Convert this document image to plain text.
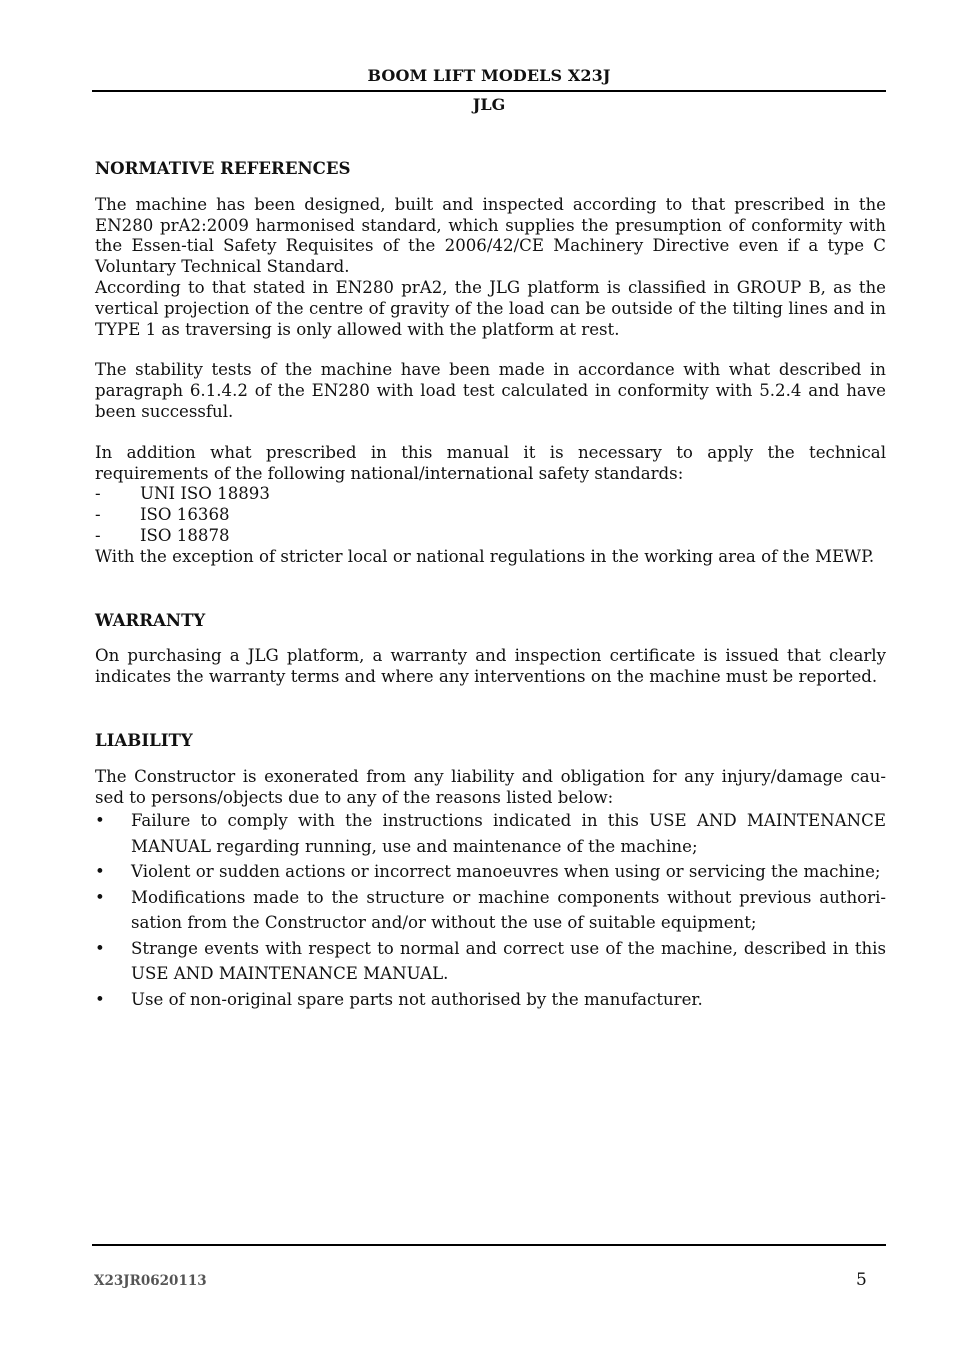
BOOM LIFT MODELS X23J
JLG
NORMATIVE REFERENCES

The machine has been designed, built and inspected according to that prescribed in the EN280 prA2:2009 harmonised standard, which supplies the presumption of conformity with the Essen-tial Safety Requisites of the 2006/42/CE Machinery Directive even if a type C Voluntary Technical Standard.

According to that stated in EN280 prA2, the JLG platform is classified in GROUP B, as the vertical projection of the centre of gravity of the load can be outside of the tilting lines and in TYPE 1 as traversing is only allowed with the platform at rest.

The stability tests of the machine have been made in accordance with what described in paragraph 6.1.4.2 of the EN280 with load test calculated in conformity with 5.2.4 and have been successful.

In addition what prescribed in this manual it is necessary to apply the technical requirements of the following national/international safety standards:

- UNI ISO 18893
- ISO 16368
- ISO 18878

With the exception of stricter local or national regulations in the working area of the MEWP.

WARRANTY

On purchasing a JLG platform, a warranty and inspection certificate is issued that clearly indicates the warranty terms and where any interventions on the machine must be reported.

LIABILITY

The Constructor is exonerated from any liability and obligation for any injury/damage cau-sed to persons/objects due to any of the reasons listed below:

• Failure to comply with the instructions indicated in this USE AND MAINTENANCE MANUAL regarding running, use and maintenance of the machine;
• Violent or sudden actions or incorrect manoeuvres when using or servicing the machine;
• Modifications made to the structure or machine components without previous authori-sation from the Constructor and/or without the use of suitable equipment;
• Strange events with respect to normal and correct use of the machine, described in this USE AND MAINTENANCE MANUAL.
• Use of non-original spare parts not authorised by the manufacturer.
X23JR0620113	5
